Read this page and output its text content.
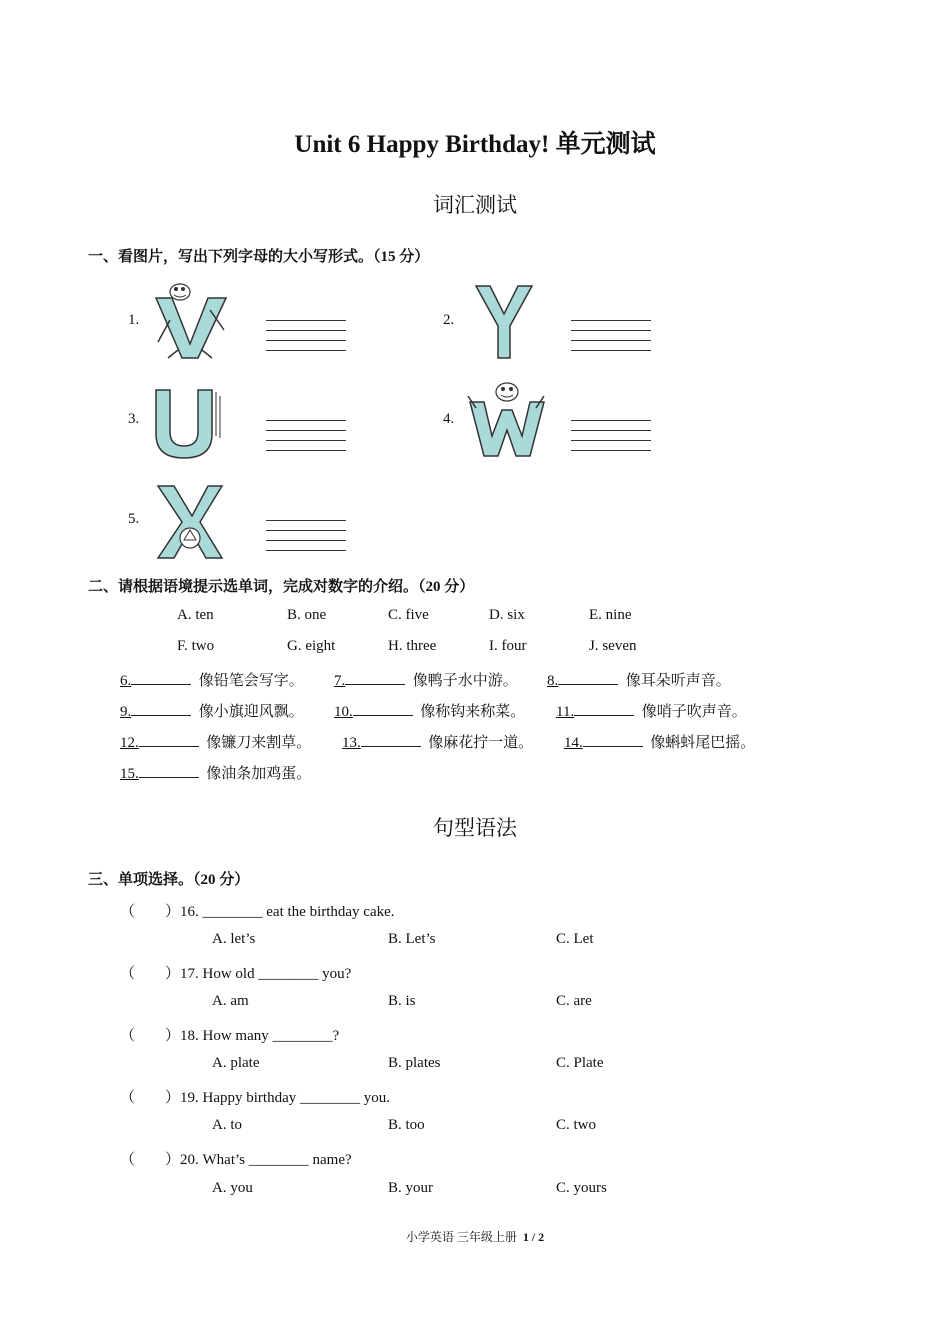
Unit 6 Happy Birthday! 单元测试
词汇测试
一、看图片，写出下列字母的大小写形式。（15 分）
1.	2.
3.	4.
5.
二、请根据语境提示选单词，完成对数字的介绍。（20 分）
A. ten	B. one	C. five	D. six	E. nine
F. two	G. eight	H. three	I. four	J. seven
6.	像铅笔会写字。 7.	像鸭子水中游。 8.	像耳朵听声音。
9.	像小旗迎风飘。 10.	像称钩来称菜。 11.	像哨子吹声音。
12.	像镰刀来割草。 13.	像麻花拧一道。 14.	像蝌蚪尾巴摇。
15.	像油条加鸡蛋。
句型语法
三、单项选择。（20 分）
（　　）16. ________ eat the birthday cake.
A. let’s	B. Let’s	C. Let
（　　）17. How old ________ you?
A. am	B. is	C. are
（　　）18. How many ________?
A. plate	B. plates	C. Plate
（　　）19. Happy birthday ________ you.
A. to	B. too	C. two
（　　）20. What’s ________ name?
A. you	B. your	C. yours
小学英语 三年级上册 1 / 2
